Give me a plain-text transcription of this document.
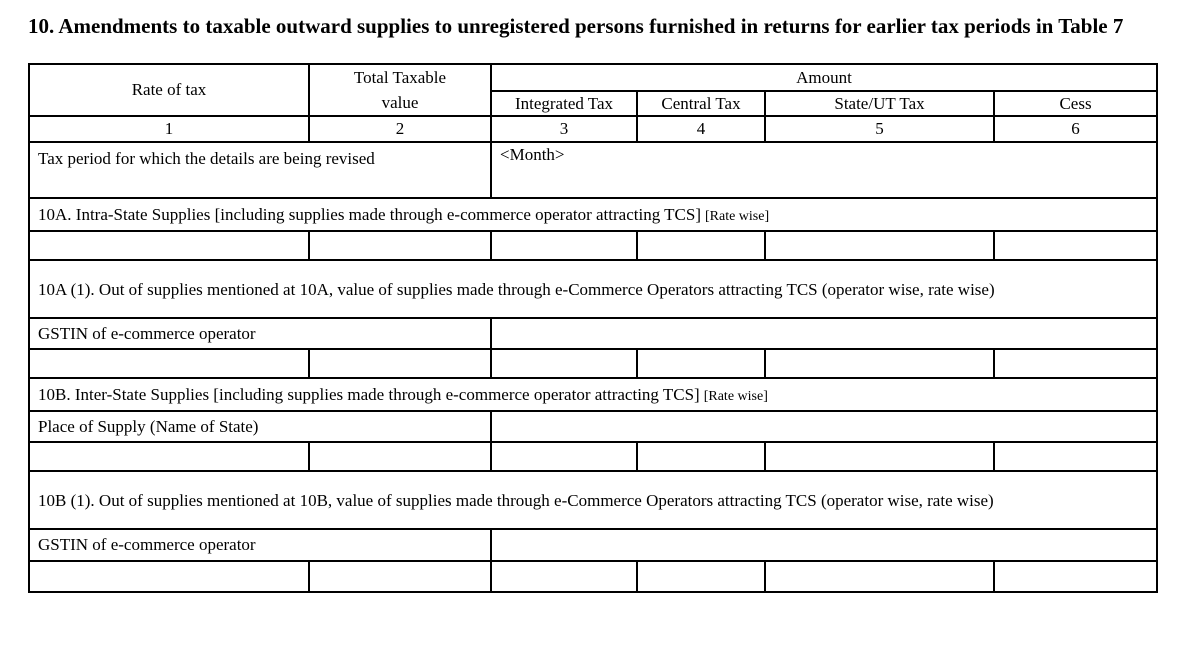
10. Amendments to taxable outward supplies to unregistered persons furnished in returns for earlier tax periods in Table 7

Rate of tax	Total Taxable value	Amount			
		Integrated Tax	Central Tax	State/UT Tax	Cess
1	2	3	4	5	6

Tax period for which the details are being revised		<Month>			
10A. Intra-State Supplies [including supplies made through e-commerce operator attracting TCS] [Rate wise]					

10A (1). Out of supplies mentioned at 10A, value of supplies made through e-Commerce Operators attracting TCS (operator wise, rate wise)					
GSTIN of e-commerce operator					

10B. Inter-State Supplies [including supplies made through e-commerce operator attracting TCS] [Rate wise]					
Place of Supply (Name of State)					

10B (1). Out of supplies mentioned at 10B, value of supplies made through e-Commerce Operators attracting TCS (operator wise, rate wise)					
GSTIN of e-commerce operator					
